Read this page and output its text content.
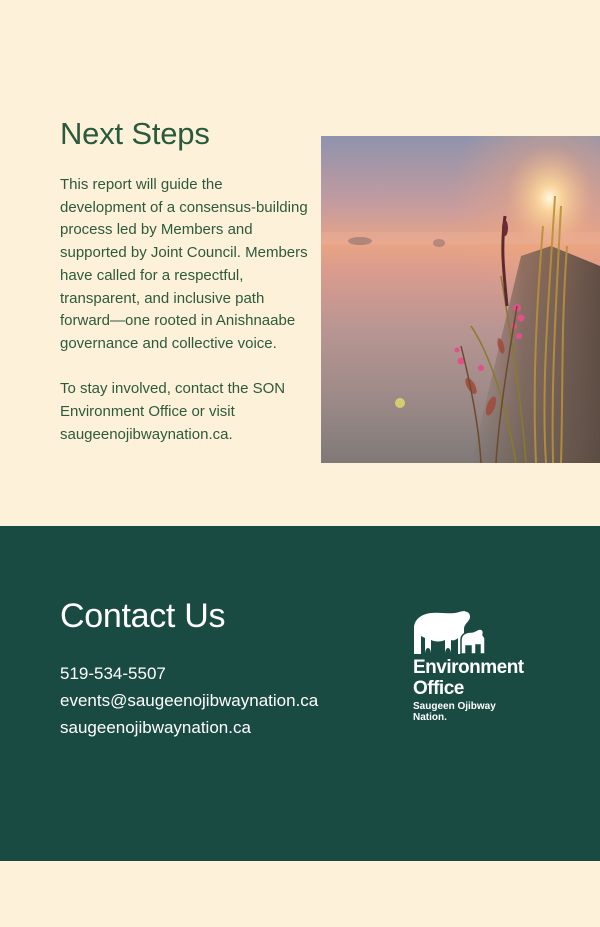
Next Steps

This report will guide the development of a consensus-building process led by Members and supported by Joint Council. Members have called for a respectful, transparent, and inclusive path forward—one rooted in Anishnaabe governance and collective voice.

To stay involved, contact the SON Environment Office or visit saugeenojibwaynation.ca.

Contact Us
519-534-5507
events@saugeenojibwaynation.ca
saugeenojibwaynation.ca
Environment
Office
Saugeen Ojibway
Nation.
